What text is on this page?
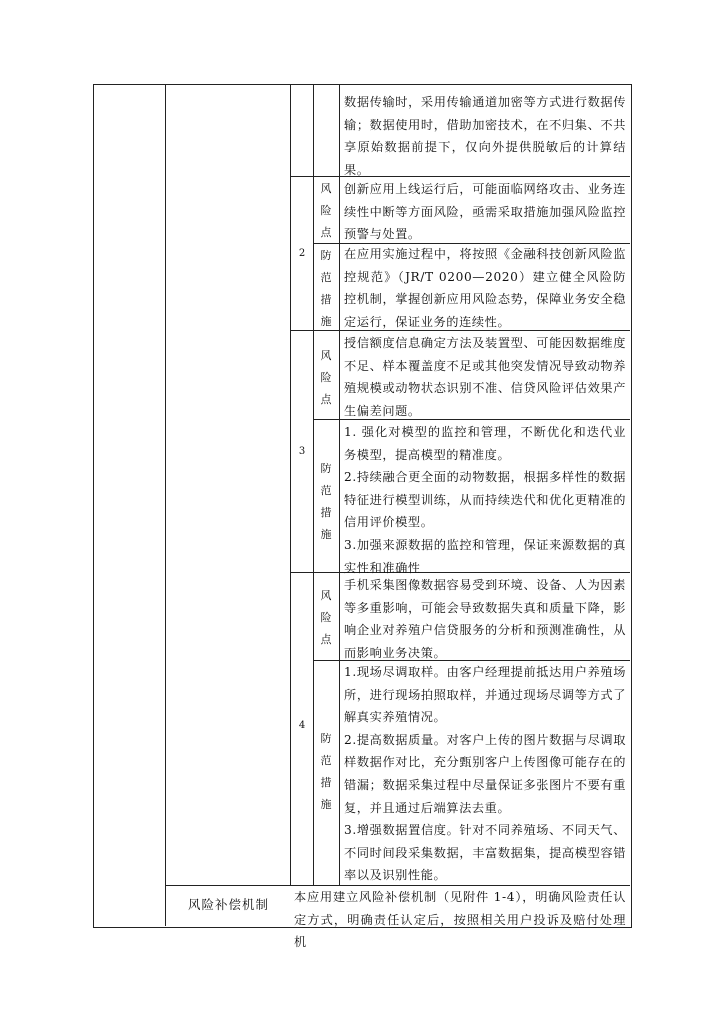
数据传输时，采用传输通道加密等方式进行数据传输；数据使用时，借助加密技术，在不归集、不共享原始数据前提下，仅向外提供脱敏后的计算结果。

2
风险点

创新应用上线运行后，可能面临网络攻击、业务连续性中断等方面风险，亟需采取措施加强风险监控预警与处置。

防范措施

在应用实施过程中，将按照《金融科技创新风险监控规范》（JR/T 0200—2020）建立健全风险防控机制，掌握创新应用风险态势，保障业务安全稳定运行，保证业务的连续性。

3
风险点

授信额度信息确定方法及装置型、可能因数据维度不足、样本覆盖度不足或其他突发情况导致动物养殖规模或动物状态识别不准、信贷风险评估效果产生偏差问题。

防范措施

1. 强化对模型的监控和管理，不断优化和迭代业务模型，提高模型的精准度。

2.持续融合更全面的动物数据，根据多样性的数据特征进行模型训练，从而持续迭代和优化更精准的信用评价模型。

3.加强来源数据的监控和管理，保证来源数据的真实性和准确性

4
风险点

手机采集图像数据容易受到环境、设备、人为因素等多重影响，可能会导致数据失真和质量下降，影响企业对养殖户信贷服务的分析和预测准确性，从而影响业务决策。

防范措施

1.现场尽调取样。由客户经理提前抵达用户养殖场所，进行现场拍照取样，并通过现场尽调等方式了解真实养殖情况。

2.提高数据质量。对客户上传的图片数据与尽调取样数据作对比，充分甄别客户上传图像可能存在的错漏；数据采集过程中尽量保证多张图片不要有重复，并且通过后端算法去重。

3.增强数据置信度。针对不同养殖场、不同天气、不同时间段采集数据，丰富数据集，提高模型容错率以及识别性能。

风险补偿机制 本应用建立风险补偿机制（见附件 1-4），明确风险责任认定方式，明确责任认定后，按照相关用户投诉及赔付处理机
